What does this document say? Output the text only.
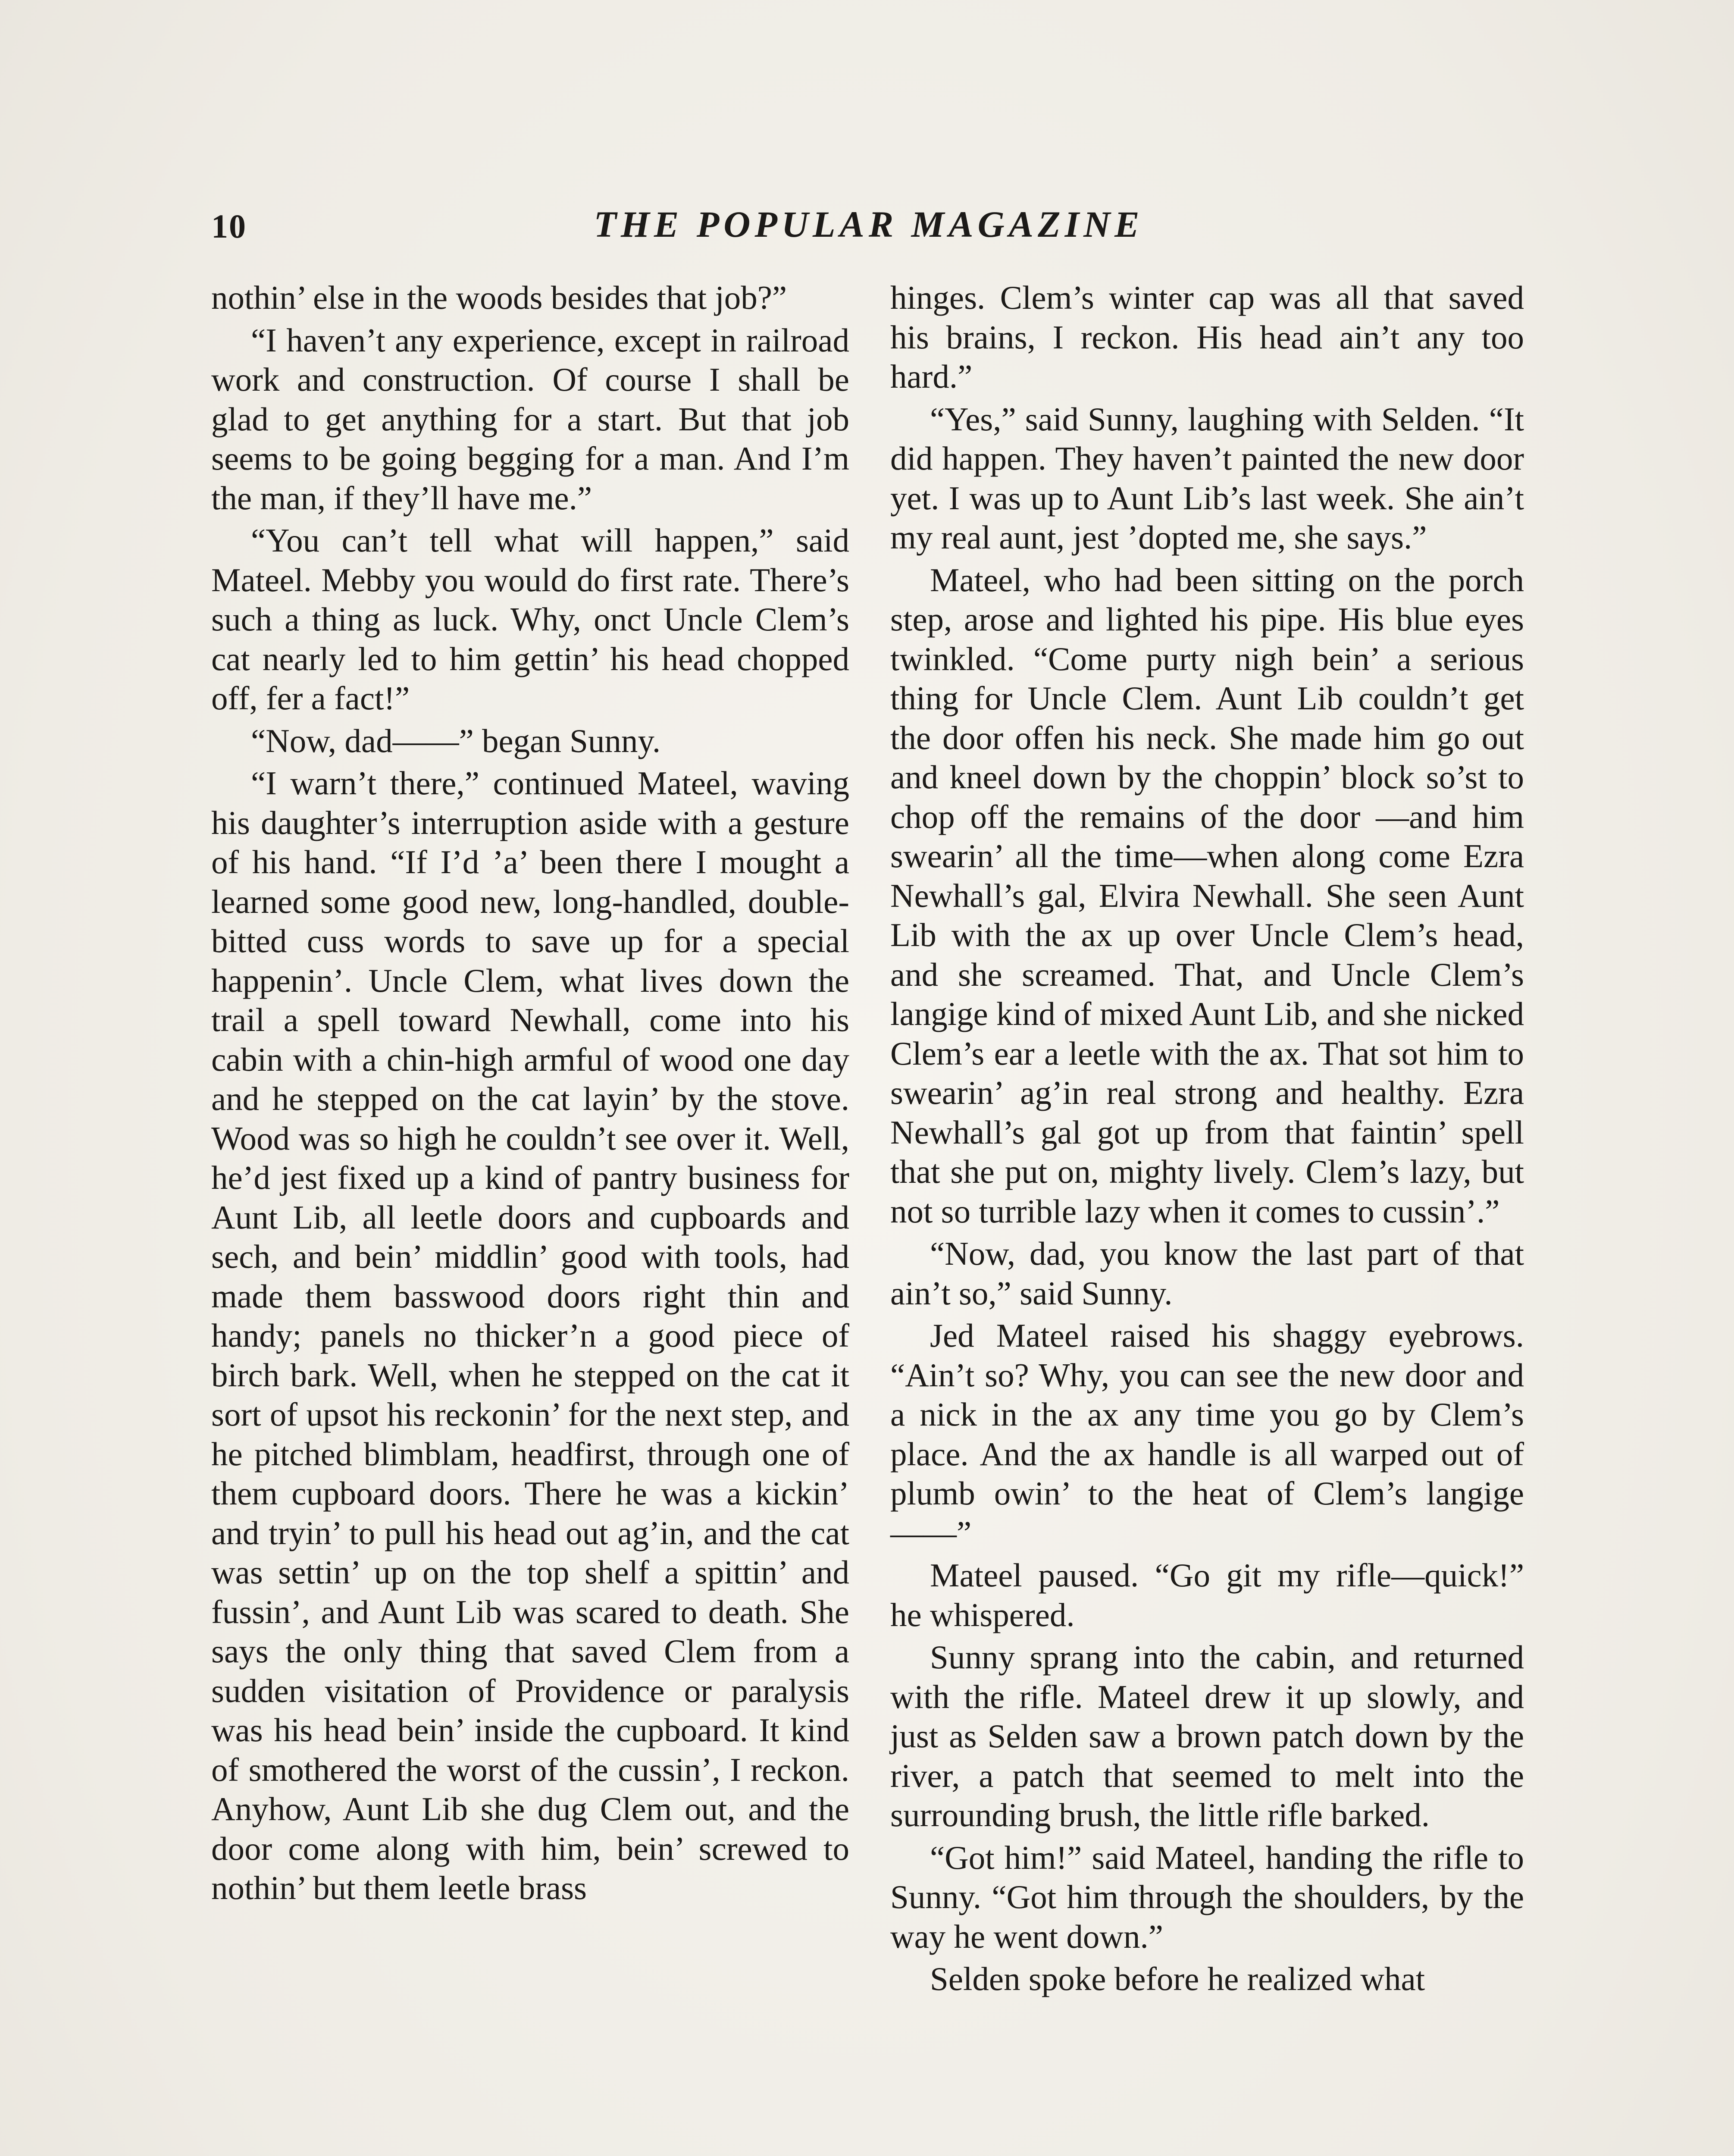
10	THE POPULAR MAGAZINE

nothin’ else in the woods besides that job?”

“I haven’t any experience, except in railroad work and construction. Of course I shall be glad to get anything for a start. But that job seems to be going begging for a man. And I’m the man, if they’ll have me.”

“You can’t tell what will happen,” said Mateel. Mebby you would do first rate. There’s such a thing as luck. Why, onct Uncle Clem’s cat nearly led to him gettin’ his head chopped off, fer a fact!”

“Now, dad——” began Sunny.

“I warn’t there,” continued Mateel, waving his daughter’s interruption aside with a gesture of his hand. “If I’d ’a’ been there I mought a learned some good new, long-handled, double-bitted cuss words to save up for a special happenin’. Uncle Clem, what lives down the trail a spell toward Newhall, come into his cabin with a chin-high armful of wood one day and he stepped on the cat layin’ by the stove. Wood was so high he couldn’t see over it. Well, he’d jest fixed up a kind of pantry business for Aunt Lib, all leetle doors and cupboards and sech, and bein’ middlin’ good with tools, had made them basswood doors right thin and handy; panels no thicker’n a good piece of birch bark. Well, when he stepped on the cat it sort of upsot his reckonin’ for the next step, and he pitched blimblam, headfirst, through one of them cupboard doors. There he was a kickin’ and tryin’ to pull his head out ag’in, and the cat was settin’ up on the top shelf a spittin’ and fussin’, and Aunt Lib was scared to death. She says the only thing that saved Clem from a sudden visitation of Providence or paralysis was his head bein’ inside the cupboard. It kind of smothered the worst of the cussin’, I reckon. Anyhow, Aunt Lib she dug Clem out, and the door come along with him, bein’ screwed to nothin’ but them leetle brass

hinges. Clem’s winter cap was all that saved his brains, I reckon. His head ain’t any too hard.”

“Yes,” said Sunny, laughing with Selden. “It did happen. They haven’t painted the new door yet. I was up to Aunt Lib’s last week. She ain’t my real aunt, jest ’dopted me, she says.”

Mateel, who had been sitting on the porch step, arose and lighted his pipe. His blue eyes twinkled. “Come purty nigh bein’ a serious thing for Uncle Clem. Aunt Lib couldn’t get the door offen his neck. She made him go out and kneel down by the choppin’ block so’st to chop off the remains of the door —and him swearin’ all the time—when along come Ezra Newhall’s gal, Elvira Newhall. She seen Aunt Lib with the ax up over Uncle Clem’s head, and she screamed. That, and Uncle Clem’s langige kind of mixed Aunt Lib, and she nicked Clem’s ear a leetle with the ax. That sot him to swearin’ ag’in real strong and healthy. Ezra Newhall’s gal got up from that faintin’ spell that she put on, mighty lively. Clem’s lazy, but not so turrible lazy when it comes to cussin’.”

“Now, dad, you know the last part of that ain’t so,” said Sunny.

Jed Mateel raised his shaggy eyebrows. “Ain’t so? Why, you can see the new door and a nick in the ax any time you go by Clem’s place. And the ax handle is all warped out of plumb owin’ to the heat of Clem’s langige——”

Mateel paused. “Go git my rifle—quick!” he whispered.

Sunny sprang into the cabin, and returned with the rifle. Mateel drew it up slowly, and just as Selden saw a brown patch down by the river, a patch that seemed to melt into the surrounding brush, the little rifle barked.

“Got him!” said Mateel, handing the rifle to Sunny. “Got him through the shoulders, by the way he went down.”

Selden spoke before he realized what
